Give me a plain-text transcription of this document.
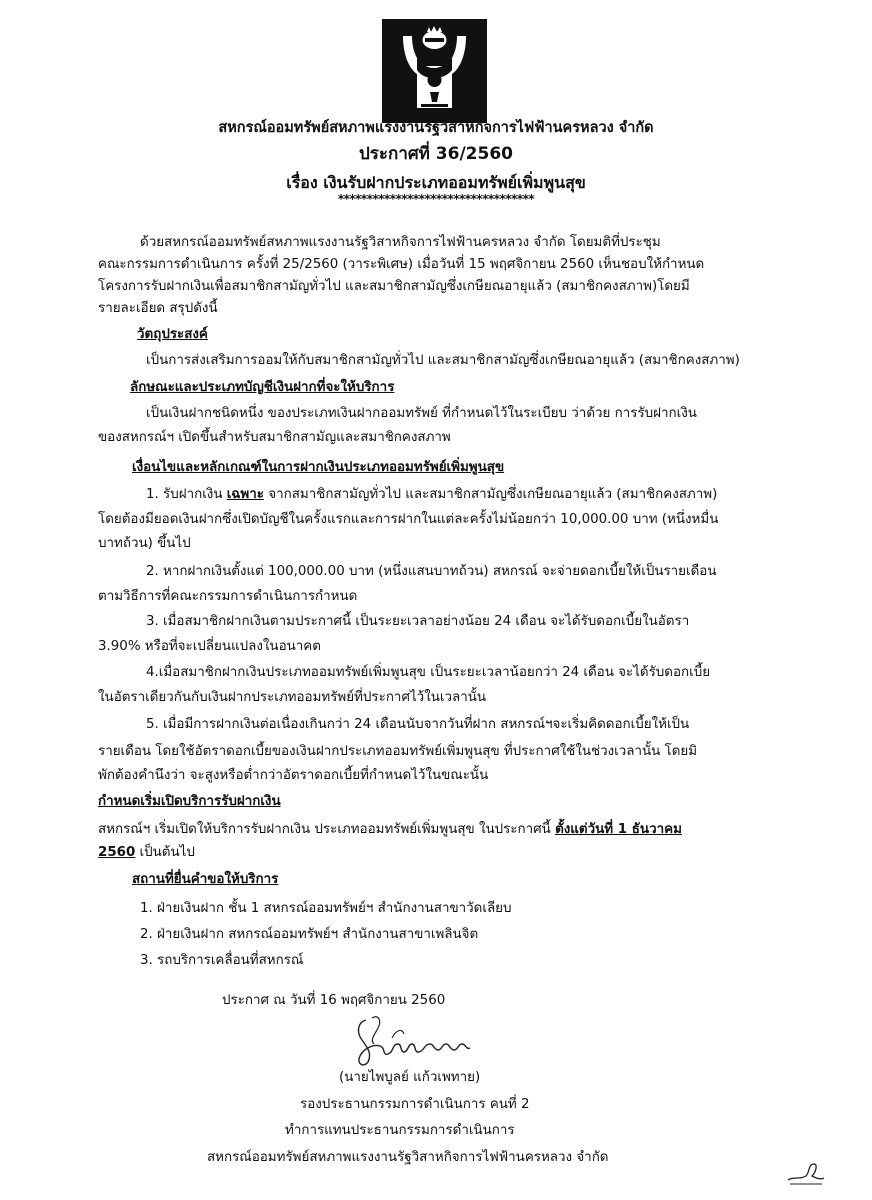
สหกรณ์ออมทรัพย์สหภาพแรงงานรัฐวิสาหกิจการไฟฟ้านครหลวง จำกัด
ประกาศที่ 36/2560
เรื่อง เงินรับฝากประเภทออมทรัพย์เพิ่มพูนสุข
**********************************
ด้วยสหกรณ์ออมทรัพย์สหภาพแรงงานรัฐวิสาหกิจการไฟฟ้านครหลวง จำกัด โดยมติที่ประชุม
คณะกรรมการดำเนินการ ครั้งที่ 25/2560 (วาระพิเศษ) เมื่อวันที่ 15 พฤศจิกายน 2560 เห็นชอบให้กำหนด
โครงการรับฝากเงินเพื่อสมาชิกสามัญทั่วไป และสมาชิกสามัญซึ่งเกษียณอายุแล้ว (สมาชิกคงสภาพ)โดยมี
รายละเอียด สรุปดังนี้
วัตถุประสงค์
เป็นการส่งเสริมการออมให้กับสมาชิกสามัญทั่วไป และสมาชิกสามัญซึ่งเกษียณอายุแล้ว (สมาชิกคงสภาพ)
ลักษณะและประเภทบัญชีเงินฝากที่จะให้บริการ
เป็นเงินฝากชนิดหนึ่ง ของประเภทเงินฝากออมทรัพย์ ที่กำหนดไว้ในระเบียบ ว่าด้วย การรับฝากเงิน
ของสหกรณ์ฯ เปิดขึ้นสำหรับสมาชิกสามัญและสมาชิกคงสภาพ
เงื่อนไขและหลักเกณฑ์ในการฝากเงินประเภทออมทรัพย์เพิ่มพูนสุข
1. รับฝากเงิน เฉพาะ จากสมาชิกสามัญทั่วไป และสมาชิกสามัญซึ่งเกษียณอายุแล้ว (สมาชิกคงสภาพ)
โดยต้องมียอดเงินฝากซึ่งเปิดบัญชีในครั้งแรกและการฝากในแต่ละครั้งไม่น้อยกว่า 10,000.00 บาท (หนึ่งหมื่น
บาทถ้วน) ขึ้นไป
2. หากฝากเงินตั้งแต่ 100,000.00 บาท (หนึ่งแสนบาทถ้วน) สหกรณ์ จะจ่ายดอกเบี้ยให้เป็นรายเดือน
ตามวิธีการที่คณะกรรมการดำเนินการกำหนด
3. เมื่อสมาชิกฝากเงินตามประกาศนี้ เป็นระยะเวลาอย่างน้อย 24 เดือน จะได้รับดอกเบี้ยในอัตรา
3.90% หรือที่จะเปลี่ยนแปลงในอนาคต
4.เมื่อสมาชิกฝากเงินประเภทออมทรัพย์เพิ่มพูนสุข เป็นระยะเวลาน้อยกว่า 24 เดือน จะได้รับดอกเบี้ย
ในอัตราเดียวกันกับเงินฝากประเภทออมทรัพย์ที่ประกาศไว้ในเวลานั้น
5. เมื่อมีการฝากเงินต่อเนื่องเกินกว่า 24 เดือนนับจากวันที่ฝาก สหกรณ์ฯจะเริ่มคิดดอกเบี้ยให้เป็น
รายเดือน โดยใช้อัตราดอกเบี้ยของเงินฝากประเภทออมทรัพย์เพิ่มพูนสุข ที่ประกาศใช้ในช่วงเวลานั้น โดยมิ
พักต้องคำนึงว่า จะสูงหรือต่ำกว่าอัตราดอกเบี้ยที่กำหนดไว้ในขณะนั้น
กำหนดเริ่มเปิดบริการรับฝากเงิน
สหกรณ์ฯ เริ่มเปิดให้บริการรับฝากเงิน ประเภทออมทรัพย์เพิ่มพูนสุข ในประกาศนี้ ตั้งแต่วันที่ 1 ธันวาคม
2560 เป็นต้นไป
สถานที่ยื่นคำขอให้บริการ
1. ฝ่ายเงินฝาก ชั้น 1 สหกรณ์ออมทรัพย์ฯ สำนักงานสาขาวัดเลียบ
2. ฝ่ายเงินฝาก สหกรณ์ออมทรัพย์ฯ สำนักงานสาขาเพลินจิต
3. รถบริการเคลื่อนที่สหกรณ์
ประกาศ ณ วันที่ 16 พฤศจิกายน 2560
(นายไพบูลย์ แก้วเพทาย)
รองประธานกรรมการดำเนินการ คนที่ 2
ทำการแทนประธานกรรมการดำเนินการ
สหกรณ์ออมทรัพย์สหภาพแรงงานรัฐวิสาหกิจการไฟฟ้านครหลวง จำกัด
